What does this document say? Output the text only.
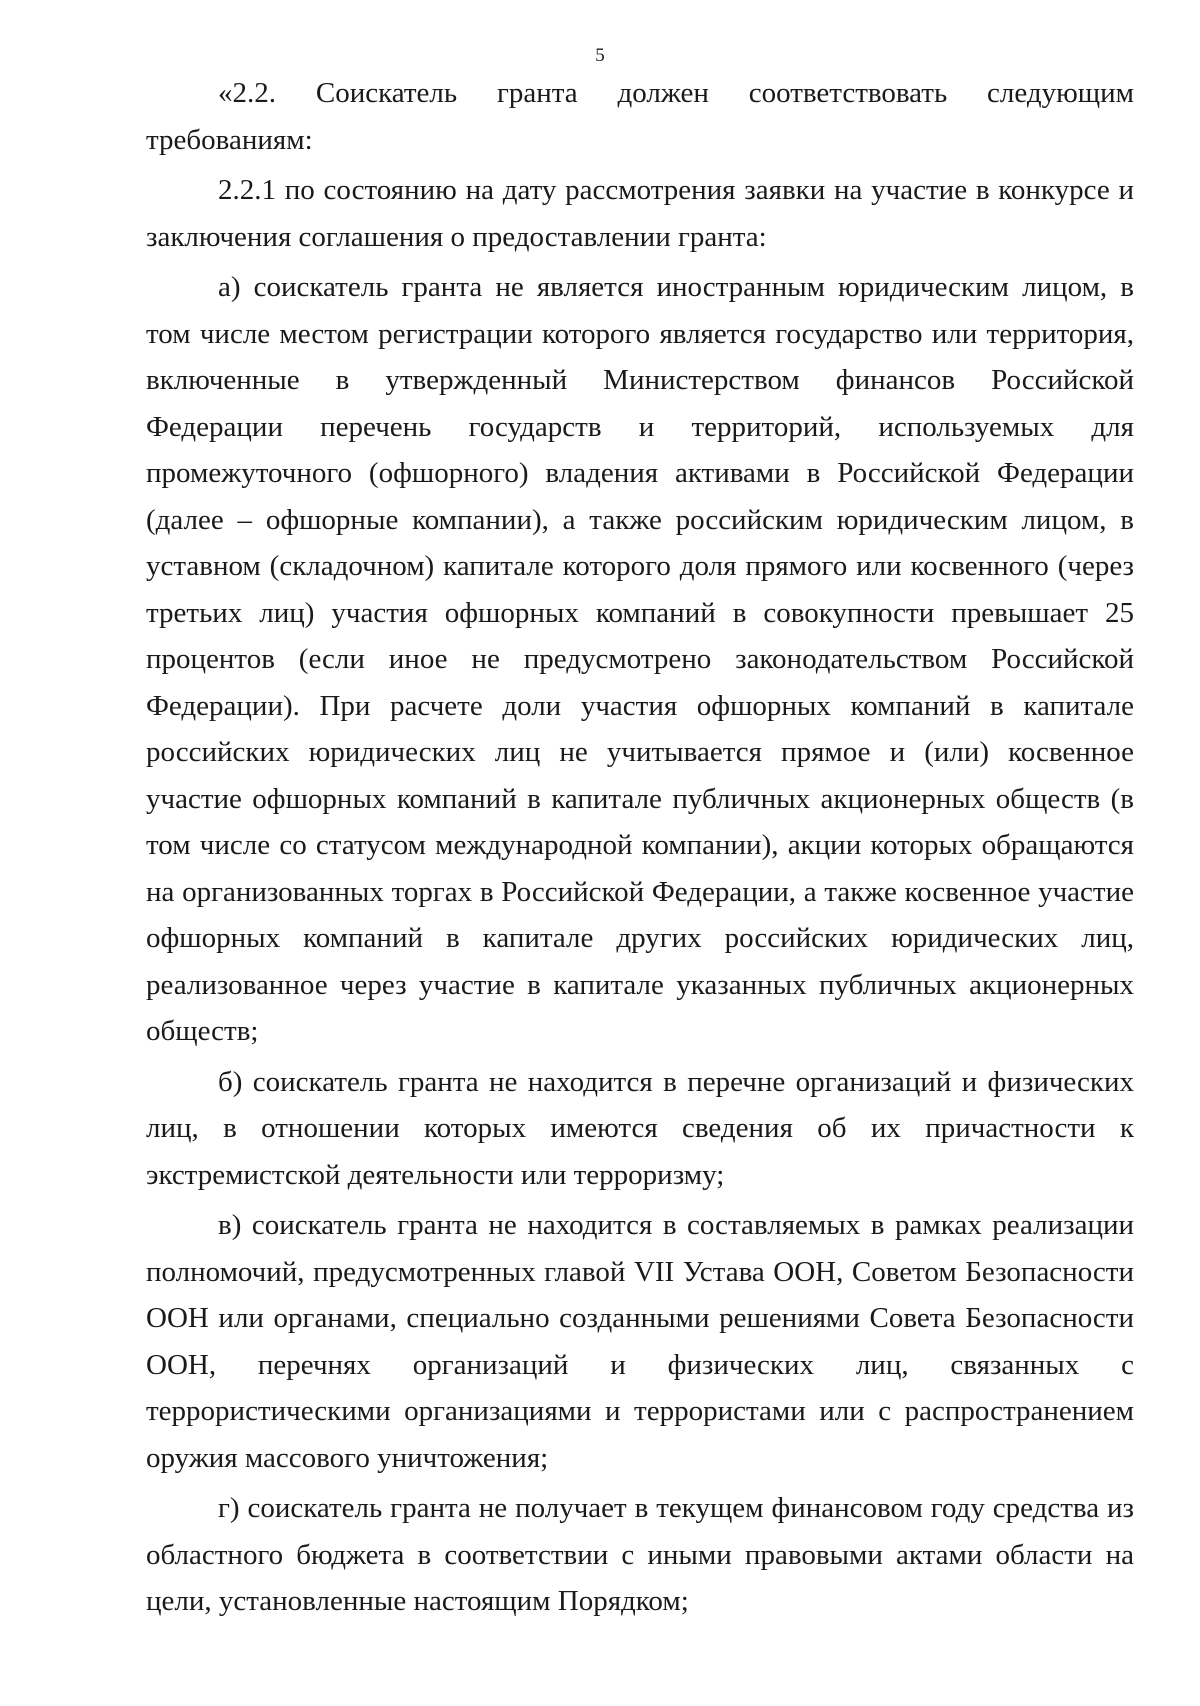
5

«2.2. Соискатель гранта должен соответствовать следующим требованиям:

2.2.1 по состоянию на дату рассмотрения заявки на участие в конкурсе и заключения соглашения о предоставлении гранта:

а) соискатель гранта не является иностранным юридическим лицом, в том числе местом регистрации которого является государство или территория, включенные в утвержденный Министерством финансов Российской Федерации перечень государств и территорий, используемых для промежуточного (офшорного) владения активами в Российской Федерации (далее – офшорные компании), а также российским юридическим лицом, в уставном (складочном) капитале которого доля прямого или косвенного (через третьих лиц) участия офшорных компаний в совокупности превышает 25 процентов (если иное не предусмотрено законодательством Российской Федерации). При расчете доли участия офшорных компаний в капитале российских юридических лиц не учитывается прямое и (или) косвенное участие офшорных компаний в капитале публичных акционерных обществ (в том числе со статусом международной компании), акции которых обращаются на организованных торгах в Российской Федерации, а также косвенное участие офшорных компаний в капитале других российских юридических лиц, реализованное через участие в капитале указанных публичных акционерных обществ;

б) соискатель гранта не находится в перечне организаций и физических лиц, в отношении которых имеются сведения об их причастности к экстремистской деятельности или терроризму;

в) соискатель гранта не находится в составляемых в рамках реализации полномочий, предусмотренных главой VII Устава ООН, Советом Безопасности ООН или органами, специально созданными решениями Совета Безопасности ООН, перечнях организаций и физических лиц, связанных с террористическими организациями и террористами или с распространением оружия массового уничтожения;

г) соискатель гранта не получает в текущем финансовом году средства из областного бюджета в соответствии с иными правовыми актами области на цели, установленные настоящим Порядком;
